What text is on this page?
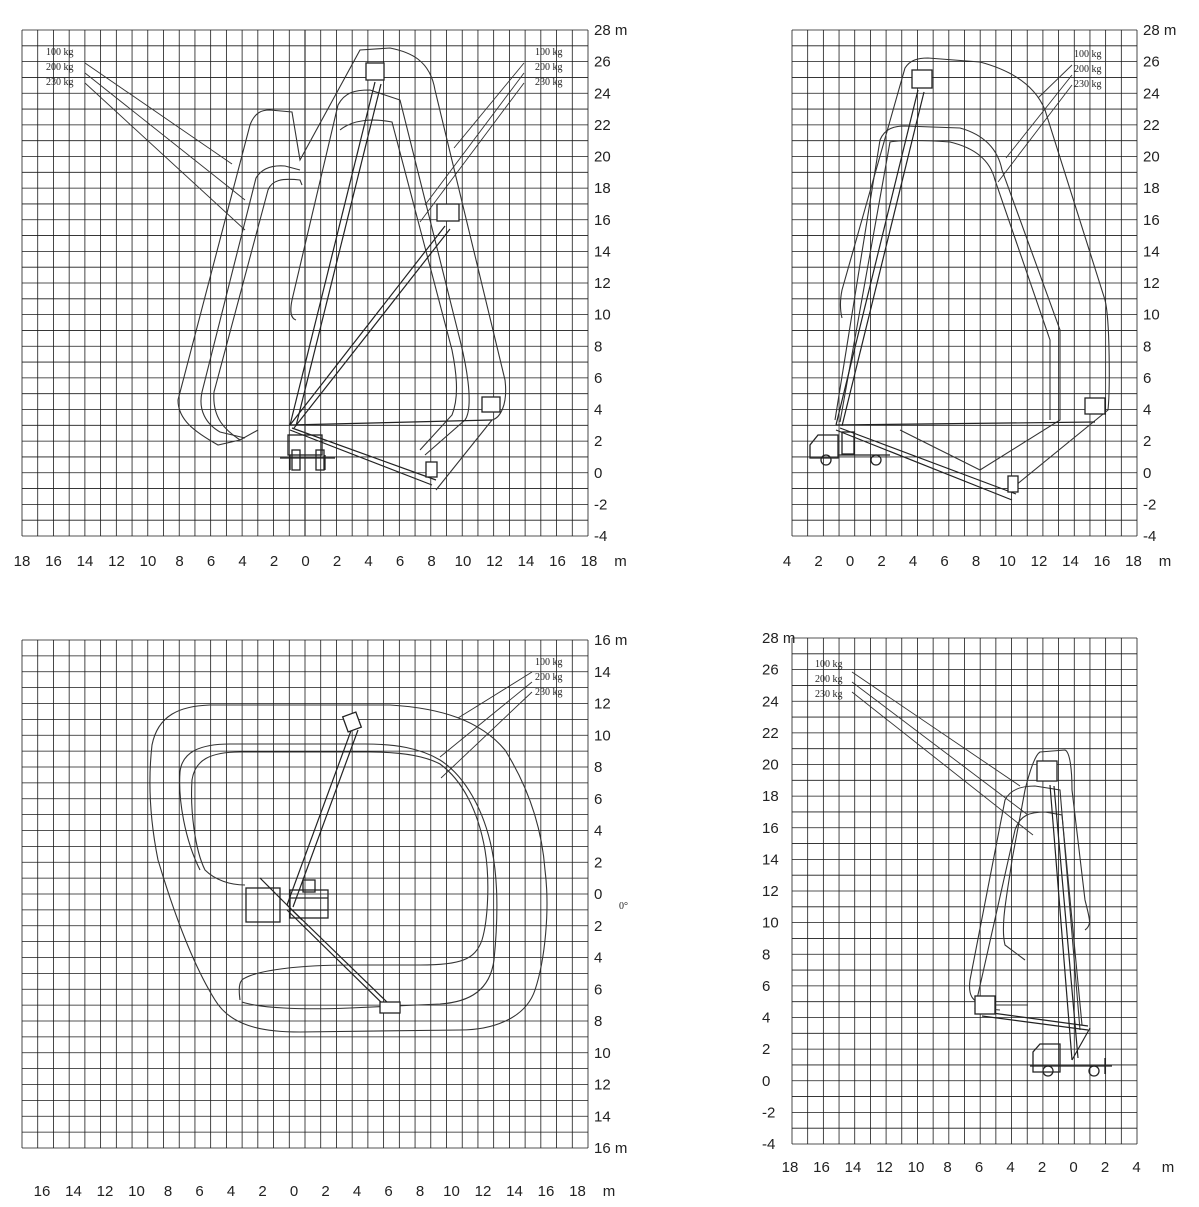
28 m
26
24
22
20
18
16
14
12
10
8
6
4
2
0
-2
-4
18 16 14 12 10 8 6 4 2 0 2 4 6 8 10 12 14 16 18 m
100 kg
200 kg
230 kg
100 kg
200 kg
230 kg
28 m
26
24
22
20
18
16
14
12
10
8
6
4
2
0
-2
-4
4 2 0 2 4 6 8 10 12 14 16 18 m
100 kg
200 kg
230 kg
16 m
14
12
10
8
6
4
2
0
2
4
6
8
10
12
14
16 m
16 14 12 10 8 6 4 2 0 2 4 6 8 10 12 14 16 18 m
0°
100 kg
200 kg
230 kg
28 m
26
24
22
20
18
16
14
12
10
8
6
4
2
0
-2
-4
18 16 14 12 10 8 6 4 2 0 2 4 m
100 kg
200 kg
230 kg
